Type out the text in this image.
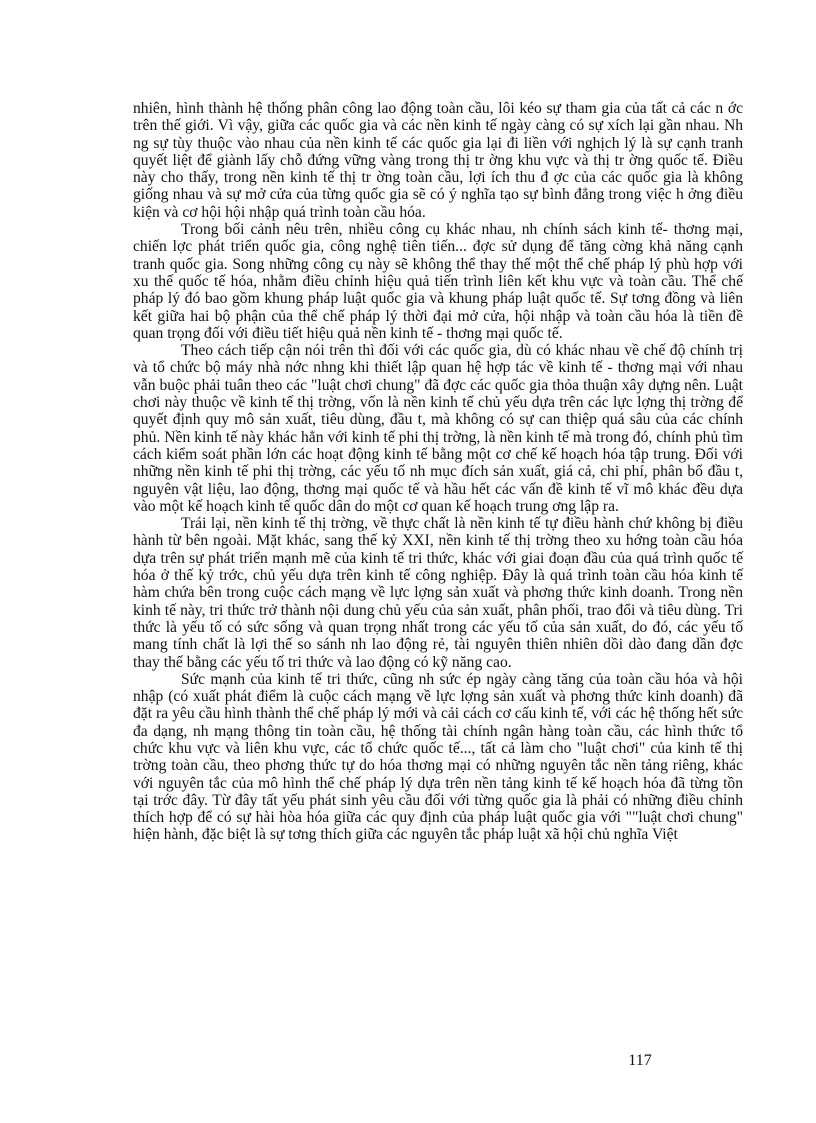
nhiên, hình thành hệ thống phân công lao động toàn cầu, lôi kéo sự tham gia của tất cả các n ớc trên thế giới. Vì vậy, giữa các quốc gia và các nền kinh tế ngày càng có sự xích lại gần nhau. Nh ng sự tùy thuộc vào nhau của nền kinh tế các quốc gia lại đi liền với nghịch lý là sự cạnh tranh quyết liệt để giành lấy chỗ đứng vững vàng trong thị tr ờng khu vực và thị tr ờng quốc tế. Điều này cho thấy, trong nền kinh tế thị tr ờng toàn cầu, lợi ích thu đ ợc của các quốc gia là không giống nhau và sự mở cửa của từng quốc gia sẽ có ý nghĩa tạo sự bình đẳng trong việc h ởng điều kiện và cơ hội hội nhập quá trình toàn cầu hóa.

Trong bối cảnh nêu trên, nhiều công cụ khác nhau, nh chính sách kinh tế- thơng mại, chiến lợc phát triển quốc gia, công nghệ tiên tiến... đợc sử dụng để tăng cờng khả năng cạnh tranh quốc gia. Song những công cụ này sẽ không thể thay thế một thể chế pháp lý phù hợp với xu thế quốc tế hóa, nhằm điều chỉnh hiệu quả tiến trình liên kết khu vực và toàn cầu. Thể chế pháp lý đó bao gồm khung pháp luật quốc gia và khung pháp luật quốc tế. Sự tơng đồng và liên kết giữa hai bộ phận của thể chế pháp lý thời đại mở cửa, hội nhập và toàn cầu hóa là tiền đề quan trọng đối với điều tiết hiệu quả nền kinh tế - thơng mại quốc tế.

Theo cách tiếp cận nói trên thì đối với các quốc gia, dù có khác nhau về chế độ chính trị và tổ chức bộ máy nhà nớc nhng khi thiết lập quan hệ hợp tác về kinh tế - thơng mại với nhau vẫn buộc phải tuân theo các "luật chơi chung" đã đợc các quốc gia thỏa thuận xây dựng nên. Luật chơi này thuộc về kinh tế thị trờng, vốn là nền kinh tế chủ yếu dựa trên các lực lợng thị trờng để quyết định quy mô sản xuất, tiêu dùng, đầu t, mà không có sự can thiệp quá sâu của các chính phủ. Nền kinh tế này khác hẳn với kinh tế phi thị trờng, là nền kinh tế mà trong đó, chính phủ tìm cách kiểm soát phần lớn các hoạt động kinh tế bằng một cơ chế kế hoạch hóa tập trung. Đối với những nền kinh tế phi thị trờng, các yếu tố nh mục đích sản xuất, giá cả, chi phí, phân bổ đầu t, nguyên vật liệu, lao động, thơng mại quốc tế và hầu hết các vấn đề kinh tế vĩ mô khác đều dựa vào một kế hoạch kinh tế quốc dân do một cơ quan kế hoạch trung ơng lập ra.

Trái lại, nền kinh tế thị trờng, về thực chất là nền kinh tế tự điều hành chứ không bị điều hành từ bên ngoài. Mặt khác, sang thế kỷ XXI, nền kinh tế thị trờng theo xu hớng toàn cầu hóa dựa trên sự phát triển mạnh mẽ của kinh tế tri thức, khác với giai đoạn đầu của quá trình quốc tế hóa ở thế kỷ trớc, chủ yếu dựa trên kinh tế công nghiệp. Đây là quá trình toàn cầu hóa kinh tế hàm chứa bên trong cuộc cách mạng về lực lợng sản xuất và phơng thức kinh doanh. Trong nền kinh tế này, tri thức trở thành nội dung chủ yếu của sản xuất, phân phối, trao đổi và tiêu dùng. Tri thức là yếu tố có sức sống và quan trọng nhất trong các yếu tố của sản xuất, do đó, các yếu tố mang tính chất là lợi thế so sánh nh lao động rẻ, tài nguyên thiên nhiên dồi dào đang dần đợc thay thế bằng các yếu tố tri thức và lao động có kỹ năng cao.

Sức mạnh của kinh tế tri thức, cũng nh sức ép ngày càng tăng của toàn cầu hóa và hội nhập (có xuất phát điểm là cuộc cách mạng về lực lợng sản xuất và phơng thức kinh doanh) đã đặt ra yêu cầu hình thành thể chế pháp lý mới và cải cách cơ cấu kinh tế, với các hệ thống hết sức đa dạng, nh mạng thông tin toàn cầu, hệ thống tài chính ngân hàng toàn cầu, các hình thức tổ chức khu vực và liên khu vực, các tổ chức quốc tế..., tất cả làm cho "luật chơi" của kinh tế thị trờng toàn cầu, theo phơng thức tự do hóa thơng mại có những nguyên tắc nền tảng riêng, khác với nguyên tắc của mô hình thể chế pháp lý dựa trên nền tảng kinh tế kế hoạch hóa đã từng tồn tại trớc đây. Từ đây tất yếu phát sinh yêu cầu đối với từng quốc gia là phải có những điều chỉnh thích hợp để có sự hài hòa hóa giữa các quy định của pháp luật quốc gia với ""luật chơi chung" hiện hành, đặc biệt là sự tơng thích giữa các nguyên tắc pháp luật xã hội chủ nghĩa Việt

117
